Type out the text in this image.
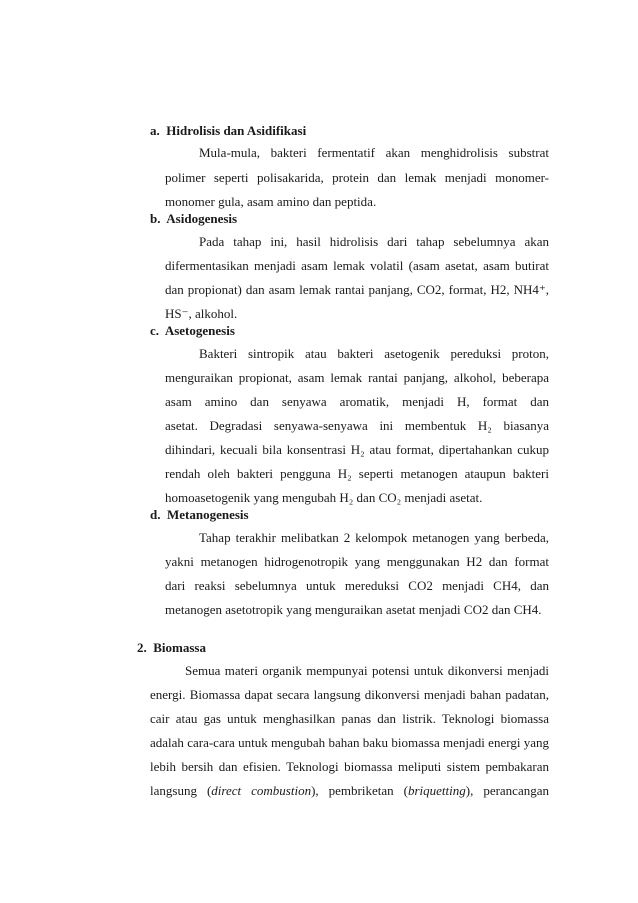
a. Hidrolisis dan Asidifikasi
Mula-mula, bakteri fermentatif akan menghidrolisis substrat
polimer seperti polisakarida, protein dan lemak menjadi monomer-
monomer gula, asam amino dan peptida.
b. Asidogenesis
Pada tahap ini, hasil hidrolisis dari tahap sebelumnya akan
difermentasikan menjadi asam lemak volatil (asam asetat, asam butirat
dan propionat) dan asam lemak rantai panjang, CO2, format, H2, NH4⁺,
HS⁻, alkohol.
c. Asetogenesis
Bakteri sintropik atau bakteri asetogenik pereduksi proton,
menguraikan propionat, asam lemak rantai panjang, alkohol, beberapa
asam amino dan senyawa aromatik, menjadi H, format dan
asetat. Degradasi senyawa-senyawa ini membentuk H₂ biasanya
dihindari, kecuali bila konsentrasi H₂ atau format, dipertahankan cukup
rendah oleh bakteri pengguna H₂ seperti metanogen ataupun bakteri
homoasetogenik yang mengubah H₂ dan CO₂ menjadi asetat.
d. Metanogenesis
Tahap terakhir melibatkan 2 kelompok metanogen yang berbeda,
yakni metanogen hidrogenotropik yang menggunakan H2 dan format
dari reaksi sebelumnya untuk mereduksi CO2 menjadi CH4, dan
metanogen asetotropik yang menguraikan asetat menjadi CO2 dan CH4.
2. Biomassa
Semua materi organik mempunyai potensi untuk dikonversi menjadi
energi. Biomassa dapat secara langsung dikonversi menjadi bahan padatan,
cair atau gas untuk menghasilkan panas dan listrik. Teknologi biomassa
adalah cara-cara untuk mengubah bahan baku biomassa menjadi energi yang
lebih bersih dan efisien. Teknologi biomassa meliputi sistem pembakaran
langsung (direct combustion), pembriketan (briquetting), perancangan
